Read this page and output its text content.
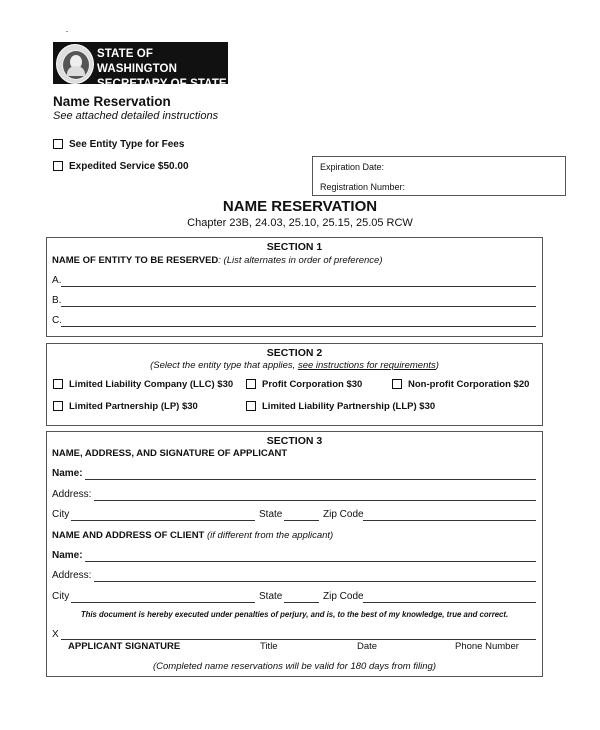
STATE OF WASHINGTON
SECRETARY OF STATE
Name Reservation
See attached detailed instructions
See Entity Type for Fees
Expedited Service $50.00	Expiration Date:
Registration Number:
NAME RESERVATION
Chapter 23B, 24.03, 25.10, 25.15, 25.05 RCW
SECTION 1
NAME OF ENTITY TO BE RESERVED: (List alternates in order of preference)
A.
B.
C.
SECTION 2
(Select the entity type that applies, see instructions for requirements)
Limited Liability Company (LLC) $30	Profit Corporation $30	Non-profit Corporation $20
Limited Partnership (LP) $30	Limited Liability Partnership (LLP) $30
SECTION 3
NAME, ADDRESS, AND SIGNATURE OF APPLICANT
Name:
Address:
City	State	Zip Code
NAME AND ADDRESS OF CLIENT (if different from the applicant)
Name:
Address:
City	State	Zip Code
This document is hereby executed under penalties of perjury, and is, to the best of my knowledge, true and correct.
X
APPLICANT SIGNATURE	Title	Date	Phone Number
(Completed name reservations will be valid for 180 days from filing)
